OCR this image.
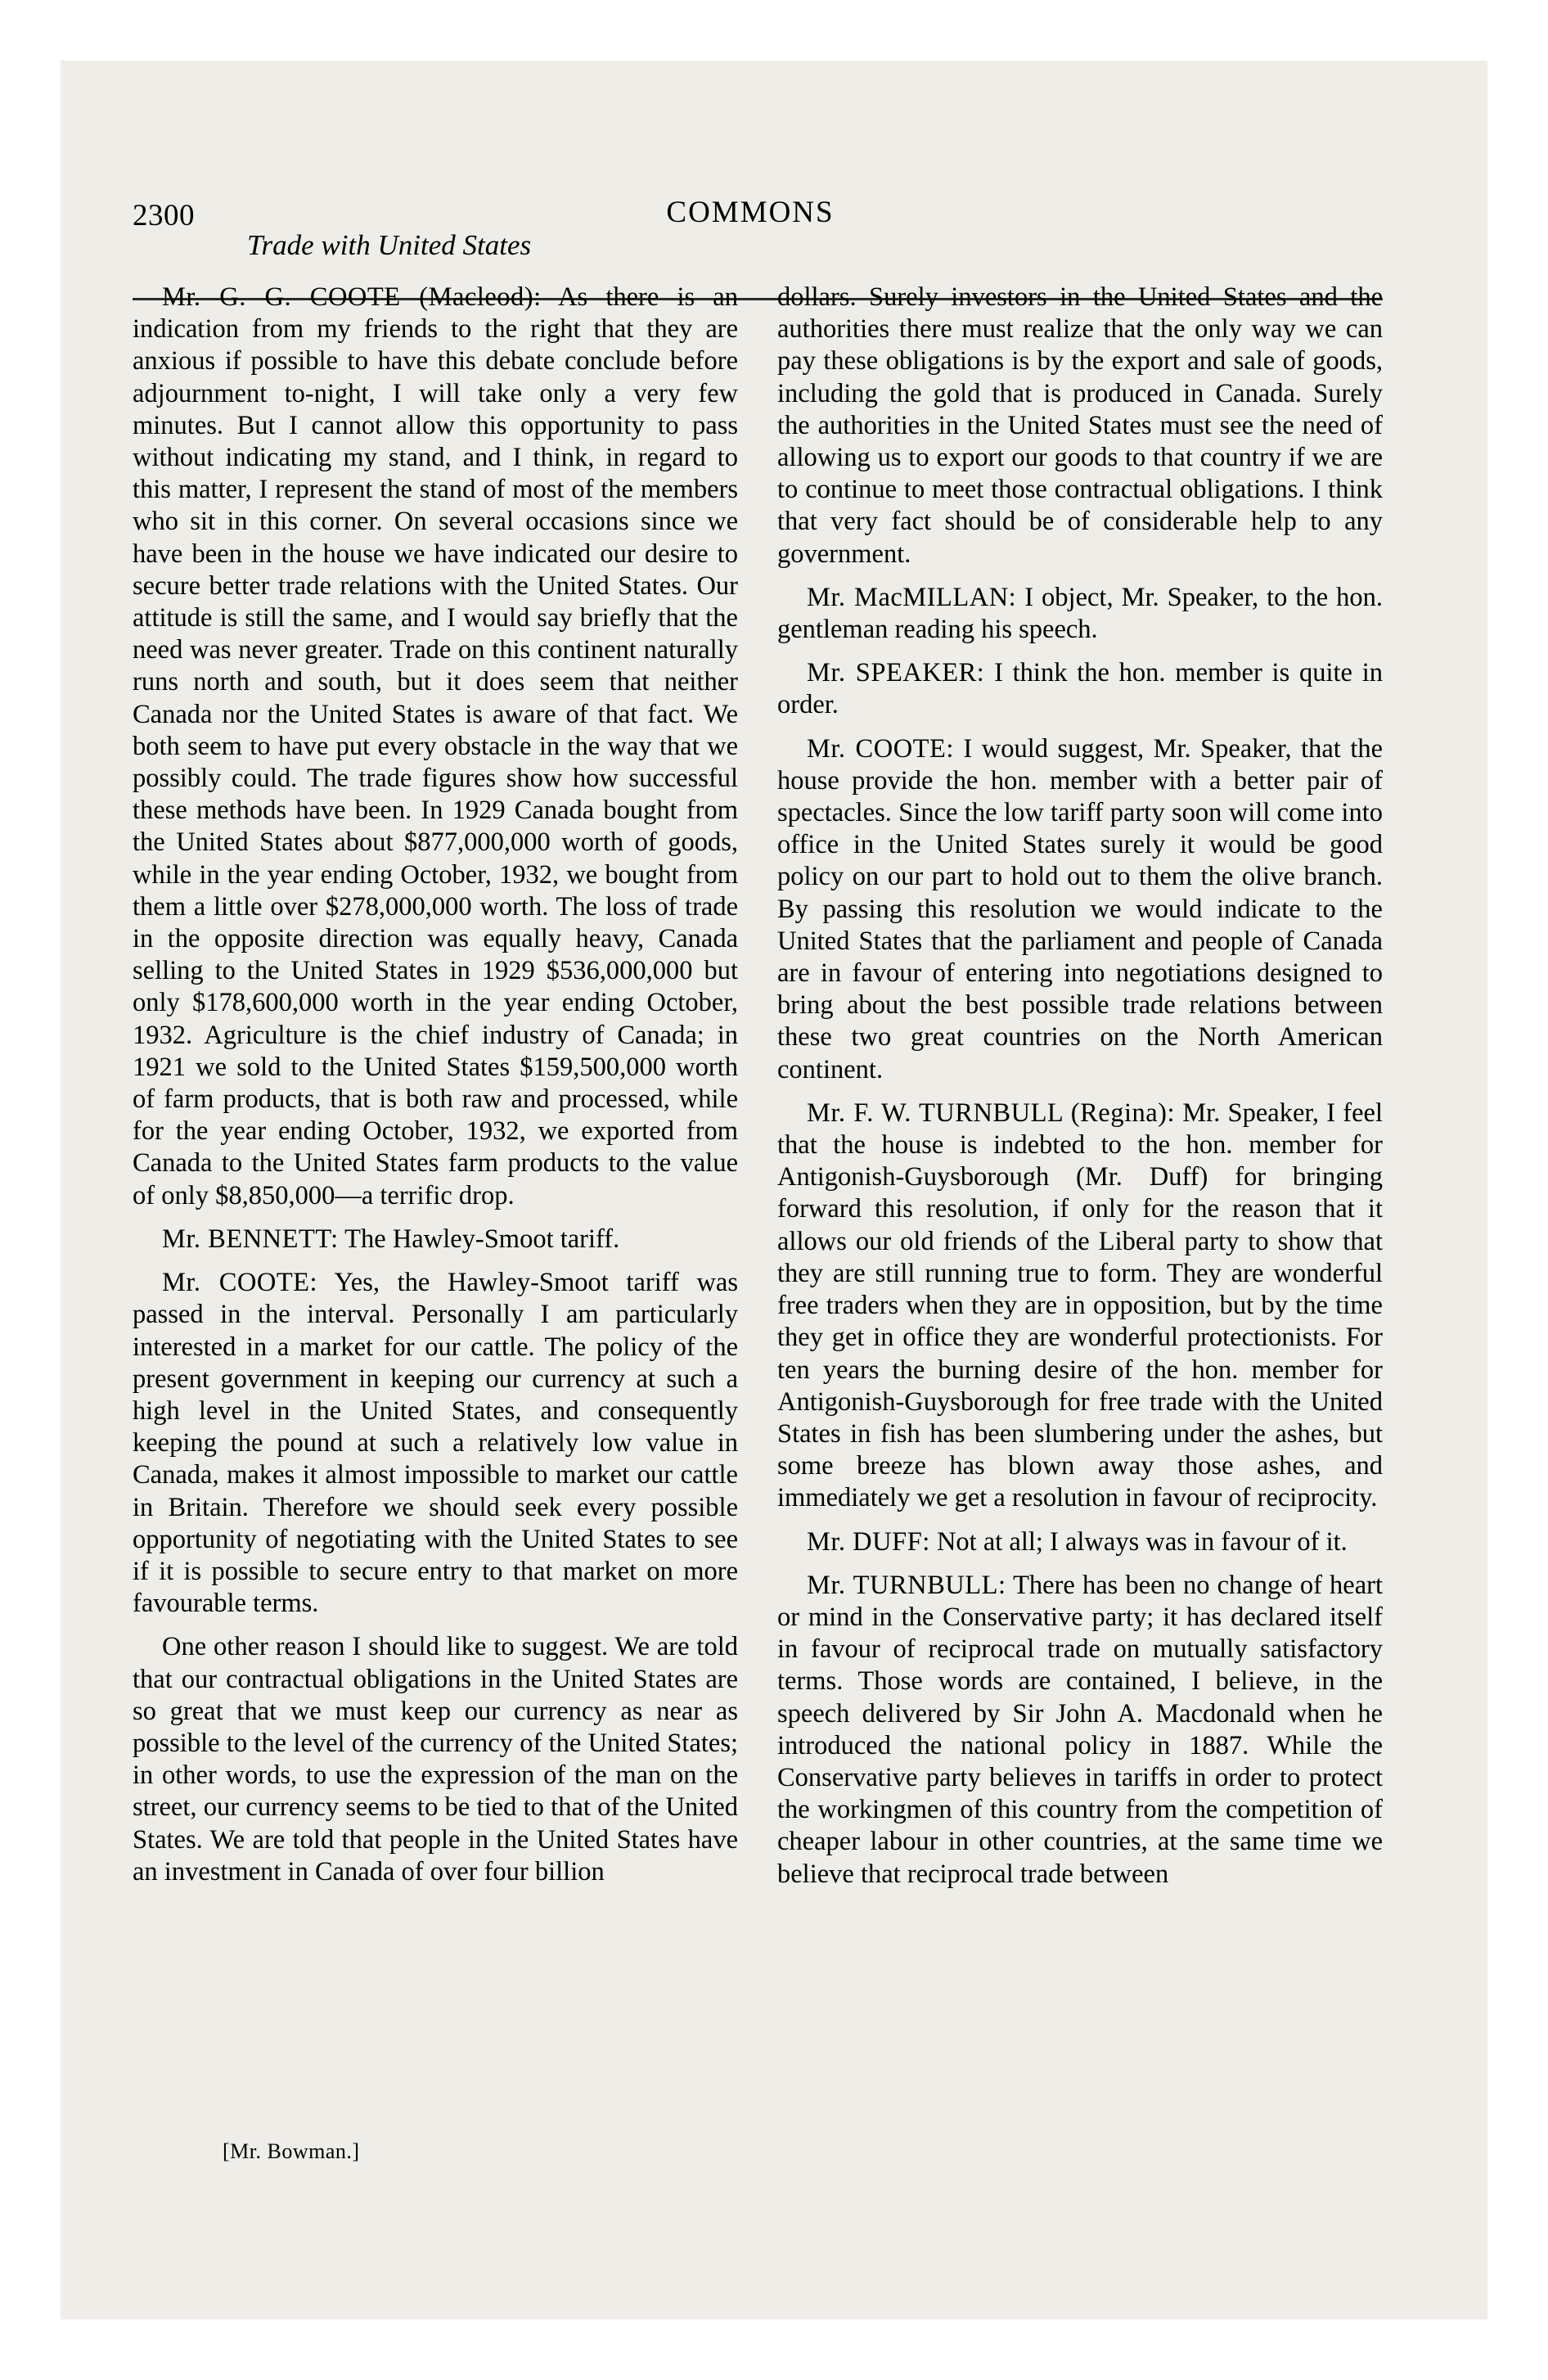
2300	COMMONS
Trade with United States

Mr. G. G. COOTE (Macleod): As there is an indication from my friends to the right that they are anxious if possible to have this debate conclude before adjournment to-night, I will take only a very few minutes. But I cannot allow this opportunity to pass without indicating my stand, and I think, in regard to this matter, I represent the stand of most of the members who sit in this corner. On several occasions since we have been in the house we have indicated our desire to secure better trade relations with the United States. Our attitude is still the same, and I would say briefly that the need was never greater. Trade on this continent naturally runs north and south, but it does seem that neither Canada nor the United States is aware of that fact. We both seem to have put every obstacle in the way that we possibly could. The trade figures show how successful these methods have been. In 1929 Canada bought from the United States about $877,000,000 worth of goods, while in the year ending October, 1932, we bought from them a little over $278,000,000 worth. The loss of trade in the opposite direction was equally heavy, Canada selling to the United States in 1929 $536,000,000 but only $178,600,000 worth in the year ending October, 1932. Agriculture is the chief industry of Canada; in 1921 we sold to the United States $159,500,000 worth of farm products, that is both raw and processed, while for the year ending October, 1932, we exported from Canada to the United States farm products to the value of only $8,850,000—a terrific drop.

Mr. BENNETT: The Hawley-Smoot tariff.

Mr. COOTE: Yes, the Hawley-Smoot tariff was passed in the interval. Personally I am particularly interested in a market for our cattle. The policy of the present government in keeping our currency at such a high level in the United States, and consequently keeping the pound at such a relatively low value in Canada, makes it almost impossible to market our cattle in Britain. Therefore we should seek every possible opportunity of negotiating with the United States to see if it is possible to secure entry to that market on more favourable terms.

One other reason I should like to suggest. We are told that our contractual obligations in the United States are so great that we must keep our currency as near as possible to the level of the currency of the United States; in other words, to use the expression of the man on the street, our currency seems to be tied to that of the United States. We are told that people in the United States have an investment in Canada of over four billion

dollars. Surely investors in the United States and the authorities there must realize that the only way we can pay these obligations is by the export and sale of goods, including the gold that is produced in Canada. Surely the authorities in the United States must see the need of allowing us to export our goods to that country if we are to continue to meet those contractual obligations. I think that very fact should be of considerable help to any government.

Mr. MacMILLAN: I object, Mr. Speaker, to the hon. gentleman reading his speech.

Mr. SPEAKER: I think the hon. member is quite in order.

Mr. COOTE: I would suggest, Mr. Speaker, that the house provide the hon. member with a better pair of spectacles. Since the low tariff party soon will come into office in the United States surely it would be good policy on our part to hold out to them the olive branch. By passing this resolution we would indicate to the United States that the parliament and people of Canada are in favour of entering into negotiations designed to bring about the best possible trade relations between these two great countries on the North American continent.

Mr. F. W. TURNBULL (Regina): Mr. Speaker, I feel that the house is indebted to the hon. member for Antigonish-Guysborough (Mr. Duff) for bringing forward this resolution, if only for the reason that it allows our old friends of the Liberal party to show that they are still running true to form. They are wonderful free traders when they are in opposition, but by the time they get in office they are wonderful protectionists. For ten years the burning desire of the hon. member for Antigonish-Guysborough for free trade with the United States in fish has been slumbering under the ashes, but some breeze has blown away those ashes, and immediately we get a resolution in favour of reciprocity.

Mr. DUFF: Not at all; I always was in favour of it.

Mr. TURNBULL: There has been no change of heart or mind in the Conservative party; it has declared itself in favour of reciprocal trade on mutually satisfactory terms. Those words are contained, I believe, in the speech delivered by Sir John A. Macdonald when he introduced the national policy in 1887. While the Conservative party believes in tariffs in order to protect the workingmen of this country from the competition of cheaper labour in other countries, at the same time we believe that reciprocal trade between

[Mr. Bowman.]
